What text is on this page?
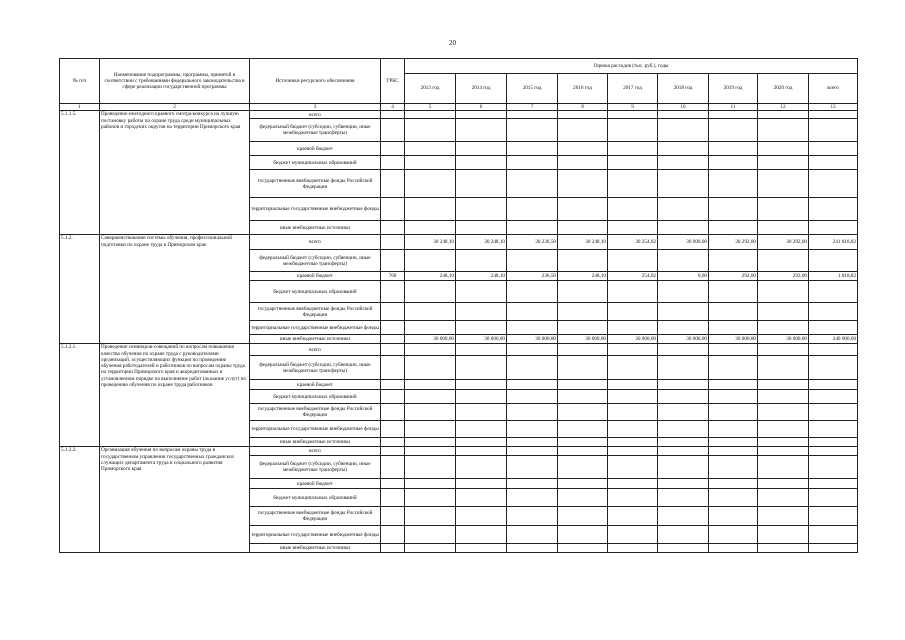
20
№ п/п	Наименование подпрограммы, программы, принятой в соответствии с требованиями федерального законодательства в сфере реализации государственной программы	Источники ресурсного обеспечения	ГРБС	Оценка расходов (тыс. руб.), годы								
				2013 год	2014 год	2015 год	2016 год	2017 год	2018 год	2019 год	2020 год	всего
1	2	3	4	5	6	7	8	9	10	11	12	13
5.1.1.5.	Проведение ежегодного краевого смотра-конкурса на лучшую постановку работы по охране труда среди муниципальных районов и городских округов на территории Приморского края	всего										
		федеральный бюджет (субсидии, субвенции, иные межбюджетные трансферты)										
		краевой бюджет										
		бюджет муниципальных образований										
		государственные внебюджетные фонды Российской Федерации										
		территориальные государственные внебюджетные фонды										
		иные внебюджетные источники										
5.1.2.	Совершенствование системы обучения, профессиональной подготовки по охране труда в Приморском крае	всего		30 248,10	30 248,10	30 236,50	30 248,10	30 254,02	30 000,00	30 292,00	30 292,00	241 818,82
		федеральный бюджет (субсидии, субвенции, иные межбюджетные трансферты)										
		краевой бюджет	760	248,10	248,10	236,50	248,10	254,02	0,00	292,00	292,00	1 818,82
		бюджет муниципальных образований										
		государственные внебюджетные фонды Российской Федерации										
		территориальные государственные внебюджетные фонды										
		иные внебюджетные источники		30 000,00	30 000,00	30 000,00	30 000,00	30 000,00	30 000,00	30 000,00	30 000,00	240 000,00
5.1.2.1.	Проведение семинаров-совещаний по вопросам повышения качества обучения по охране труда с руководителями организаций, осуществляющих функции по проведению обучения работодателей и работников по вопросам охраны труда на территории Приморского края и аккредитованных в установленном порядке на выполнение работ (оказание услуг) по проведению обучения по охране труда работников	всего										
		федеральный бюджет (субсидии, субвенции, иные межбюджетные трансферты)										
		краевой бюджет										
		бюджет муниципальных образований										
		государственные внебюджетные фонды Российской Федерации										
		территориальные государственные внебюджетные фонды										
		иные внебюджетные источники										
5.1.2.2.	Организация обучения по вопросам охраны труда в государственном управлении государственных гражданских служащих департамента труда и социального развития Приморского края	всего										
		федеральный бюджет (субсидии, субвенции, иные межбюджетные трансферты)										
		краевой бюджет										
		бюджет муниципальных образований										
		государственные внебюджетные фонды Российской Федерации										
		территориальные государственные внебюджетные фонды										
		иные внебюджетные источники										
